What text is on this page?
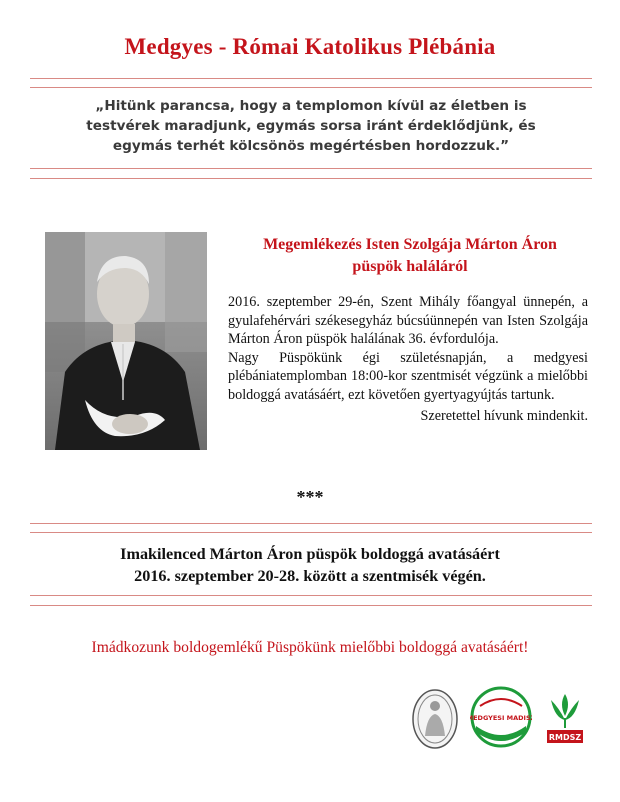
Medgyes - Római Katolikus Plébánia
„Hitünk parancsa, hogy a templomon kívül az életben is
testvérek maradjunk, egymás sorsa iránt érdeklődjünk, és
egymás terhét kölcsönös megértésben hordozzuk.”
Megemlékezés Isten Szolgája Márton Áron
püspök haláláról

2016. szeptember 29-én, Szent Mihály főangyal ünnepén, a gyulafehérvári székesegyház búcsúünnepén van Isten Szolgája Márton Áron püspök halálának 36. évfordulója.

Nagy Püspökünk égi születésnapján, a medgyesi plébániatemplomban 18:00-kor szentmisét végzünk a mielőbbi boldoggá avatásáért, ezt követően gyertyagyújtás tartunk.

Szeretettel hívunk mindenkit.

***
Imakilenced Márton Áron püspök boldoggá avatásáért
2016. szeptember 20-28. között a szentmisék végén.
Imádkozunk boldogemlékű Püspökünk mielőbbi boldoggá avatásáért!
MEDGYESI MADISZ
RMDSZ
